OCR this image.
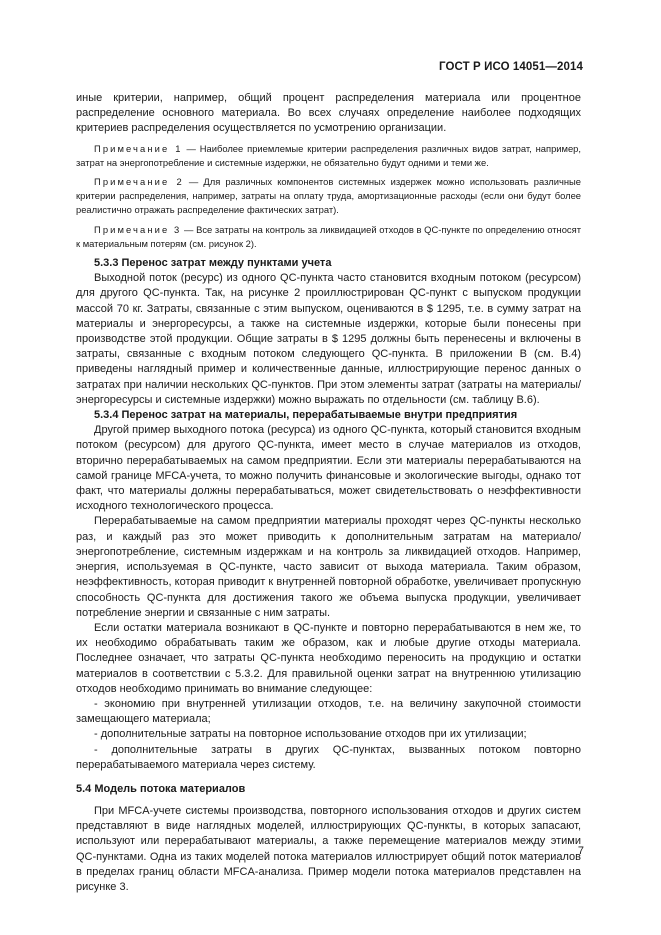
ГОСТ Р ИСО 14051—2014

иные критерии, например, общий процент распределения материала или процентное распределение основного материала. Во всех случаях определение наиболее подходящих критериев распределения осуществляется по усмотрению организации.

Примечание 1 — Наиболее приемлемые критерии распределения различных видов затрат, например, затрат на энергопотребление и системные издержки, не обязательно будут одними и теми же.

Примечание 2 — Для различных компонентов системных издержек можно использовать различные критерии распределения, например, затраты на оплату труда, амортизационные расходы (если они будут более реалистично отражать распределение фактических затрат).

Примечание 3 — Все затраты на контроль за ликвидацией отходов в QC-пункте по определению относят к материальным потерям (см. рисунок 2).

5.3.3 Перенос затрат между пунктами учета

Выходной поток (ресурс) из одного QC-пункта часто становится входным потоком (ресурсом) для другого QC-пункта. Так, на рисунке 2 проиллюстрирован QC-пункт с выпуском продукции массой 70 кг. Затраты, связанные с этим выпуском, оцениваются в $ 1295, т.е. в сумму затрат на материалы и энергоресурсы, а также на системные издержки, которые были понесены при производстве этой продукции. Общие затраты в $ 1295 должны быть перенесены и включены в затраты, связанные с входным потоком следующего QC-пункта. В приложении В (см. В.4) приведены наглядный пример и количественные данные, иллюстрирующие перенос данных о затратах при наличии нескольких QC-пунктов. При этом элементы затрат (затраты на материалы/энергоресурсы и системные издержки) можно выражать по отдельности (см. таблицу В.6).

5.3.4 Перенос затрат на материалы, перерабатываемые внутри предприятия

Другой пример выходного потока (ресурса) из одного QC-пункта, который становится входным потоком (ресурсом) для другого QC-пункта, имеет место в случае материалов из отходов, вторично перерабатываемых на самом предприятии. Если эти материалы перерабатываются на самой границе MFCA-учета, то можно получить финансовые и экологические выгоды, однако тот факт, что материалы должны перерабатываться, может свидетельствовать о неэффективности исходного технологического процесса.

Перерабатываемые на самом предприятии материалы проходят через QC-пункты несколько раз, и каждый раз это может приводить к дополнительным затратам на материало/энергопотребление, системным издержкам и на контроль за ликвидацией отходов. Например, энергия, используемая в QC-пункте, часто зависит от выхода материала. Таким образом, неэффективность, которая приводит к внутренней повторной обработке, увеличивает пропускную способность QC-пункта для достижения такого же объема выпуска продукции, увеличивает потребление энергии и связанные с ним затраты.

Если остатки материала возникают в QC-пункте и повторно перерабатываются в нем же, то их необходимо обрабатывать таким же образом, как и любые другие отходы материала. Последнее означает, что затраты QC-пункта необходимо переносить на продукцию и остатки материалов в соответствии с 5.3.2. Для правильной оценки затрат на внутреннюю утилизацию отходов необходимо принимать во внимание следующее:

- экономию при внутренней утилизации отходов, т.е. на величину закупочной стоимости замещающего материала;

- дополнительные затраты на повторное использование отходов при их утилизации;

- дополнительные затраты в других QC-пунктах, вызванных потоком повторно перерабатываемого материала через систему.

5.4 Модель потока материалов

При MFCA-учете системы производства, повторного использования отходов и других систем представляют в виде наглядных моделей, иллюстрирующих QC-пункты, в которых запасают, используют или перерабатывают материалы, а также перемещение материалов между этими QC-пунктами. Одна из таких моделей потока материалов иллюстрирует общий поток материалов в пределах границ области MFCA-анализа. Пример модели потока материалов представлен на рисунке 3.

7
